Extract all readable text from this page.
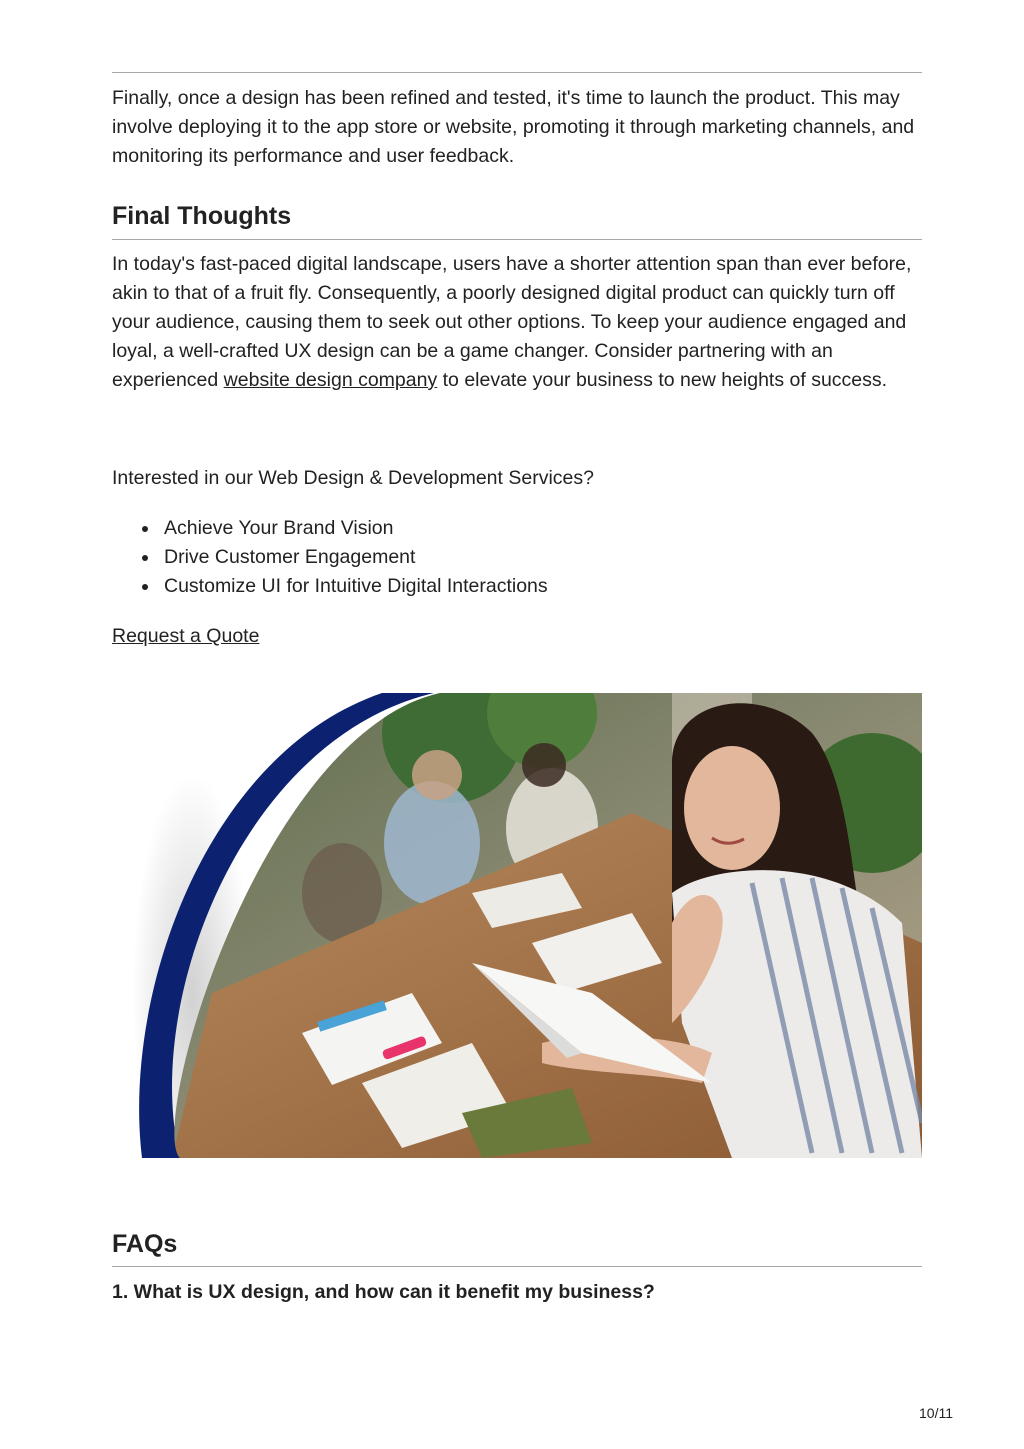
Finally, once a design has been refined and tested, it's time to launch the product. This may involve deploying it to the app store or website, promoting it through marketing channels, and monitoring its performance and user feedback.

Final Thoughts

In today's fast-paced digital landscape, users have a shorter attention span than ever before, akin to that of a fruit fly. Consequently, a poorly designed digital product can quickly turn off your audience, causing them to seek out other options. To keep your audience engaged and loyal, a well-crafted UX design can be a game changer. Consider partnering with an experienced website design company to elevate your business to new heights of success.

Interested in our Web Design & Development Services?

Achieve Your Brand Vision
Drive Customer Engagement
Customize UI for Intuitive Digital Interactions
Request a Quote
FAQs
1. What is UX design, and how can it benefit my business?
10/11
